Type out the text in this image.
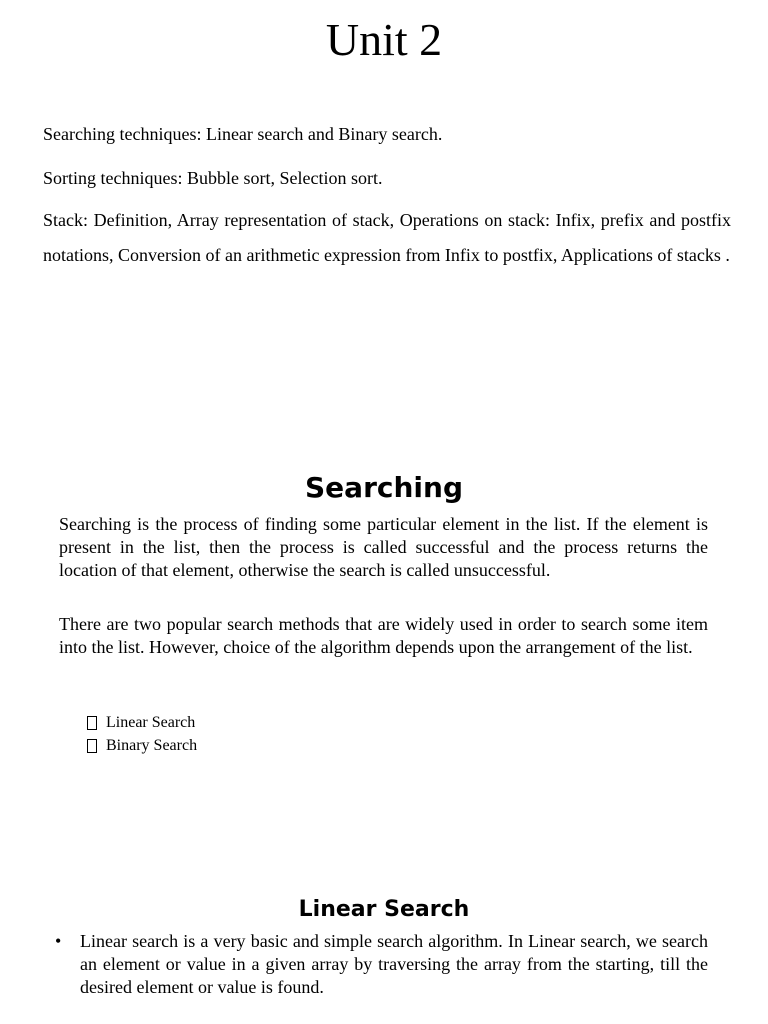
Unit 2
Searching techniques: Linear search and Binary search.
Sorting techniques: Bubble sort, Selection sort.
Stack: Definition, Array representation of stack, Operations on stack: Infix, prefix and postfix notations, Conversion of an arithmetic expression from Infix to postfix, Applications of stacks .
Searching
Searching is the process of finding some particular element in the list. If the element is present in the list, then the process is called successful and the process returns the location of that element, otherwise the search is called unsuccessful.
There are two popular search methods that are widely used in order to search some item into the list. However, choice of the algorithm depends upon the arrangement of the list.
Linear Search
Binary Search
Linear Search
•	Linear search is a very basic and simple search algorithm. In Linear search, we search an element or value in a given array by traversing the array from the starting, till the desired element or value is found.
